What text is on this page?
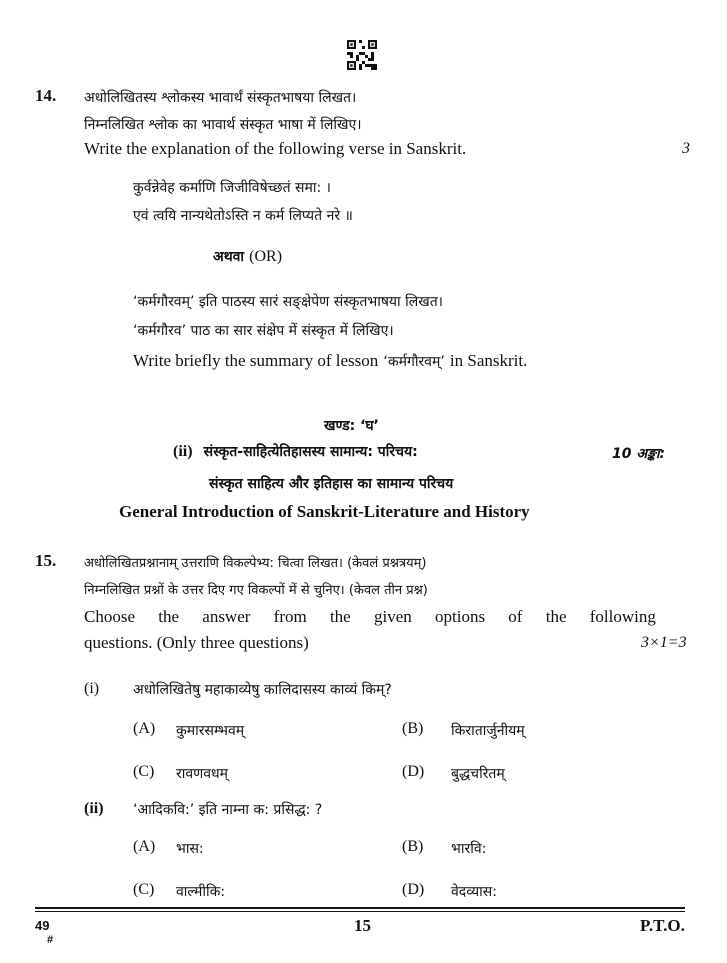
14. अधोलिखितस्य श्लोकस्य भावार्थं संस्कृतभाषया लिखत।
निम्नलिखित श्लोक का भावार्थ संस्कृत भाषा में लिखिए।
Write the explanation of the following verse in Sanskrit.	3
कुर्वन्नेवेह कर्माणि जिजीविषेच्छतं समा: ।
एवं त्वयि नान्यथेतोऽस्ति न कर्म लिप्यते नरे ॥
अथवा (OR)
‘कर्मगौरवम्’ इति पाठस्य सारं सङ्क्षेपेण संस्कृतभाषया लिखत।
‘कर्मगौरव’ पाठ का सार संक्षेप में संस्कृत में लिखिए।
Write briefly the summary of lesson ‘कर्मगौरवम्’ in Sanskrit.
खण्ड: ‘घ’
(ii) संस्कृत-साहित्येतिहासस्य सामान्य: परिचय:	10 अङ्का:
संस्कृत साहित्य और इतिहास का सामान्य परिचय
General Introduction of Sanskrit-Literature and History
15. अधोलिखितप्रश्नानाम् उत्तराणि विकल्पेभ्य: चित्वा लिखत। (केवलं प्रश्नत्रयम्)
निम्नलिखित प्रश्नों के उत्तर दिए गए विकल्पों में से चुनिए। (केवल तीन प्रश्न)
Choose the answer from the given options of the following
questions. (Only three questions)	3×1=3
(i) अधोलिखितेषु महाकाव्येषु कालिदासस्य काव्यं किम्?
(A) कुमारसम्भवम्	(B) किरातार्जुनीयम्
(C) रावणवधम्	(D) बुद्धचरितम्
(ii) ‘आदिकवि:’ इति नाम्ना क: प्रसिद्ध: ?
(A) भास:	(B) भारवि:
(C) वाल्मीकि:	(D) वेदव्यास:
49
#
15	P.T.O.
